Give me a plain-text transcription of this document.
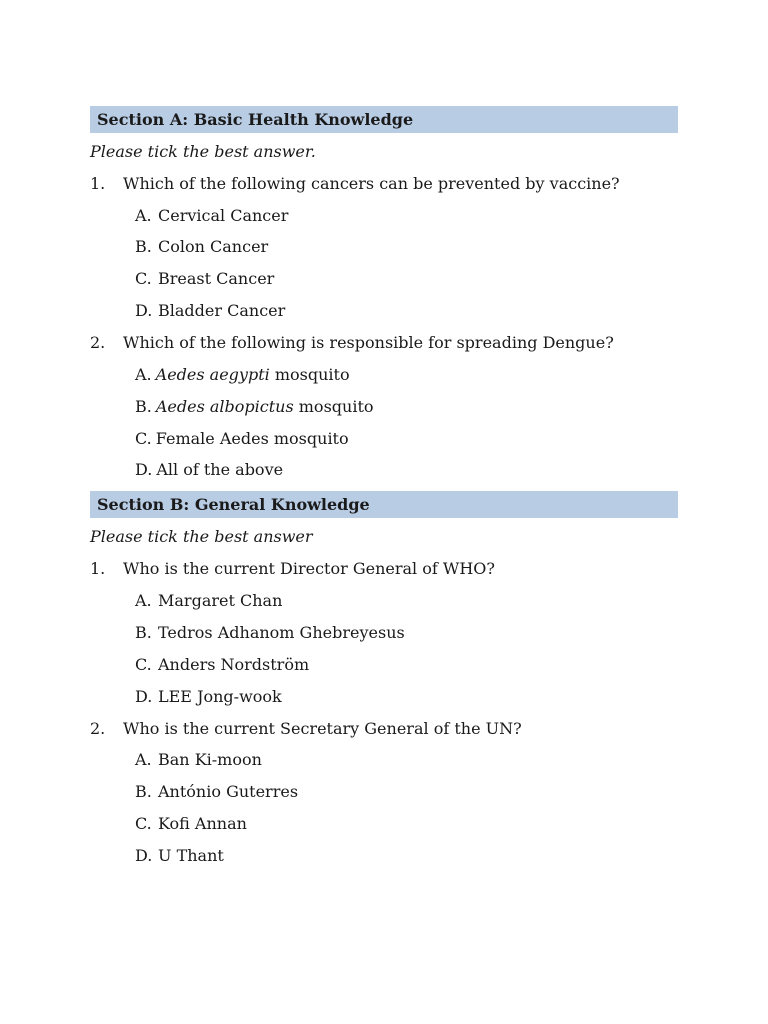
Section A: Basic Health Knowledge
Please tick the best answer.
1. Which of the following cancers can be prevented by vaccine?
A. Cervical Cancer
B. Colon Cancer
C. Breast Cancer
D. Bladder Cancer
2. Which of the following is responsible for spreading Dengue?
A. Aedes aegypti mosquito
B. Aedes albopictus mosquito
C. Female Aedes mosquito
D. All of the above
Section B: General Knowledge
Please tick the best answer
1. Who is the current Director General of WHO?
A. Margaret Chan
B. Tedros Adhanom Ghebreyesus
C. Anders Nordström
D. LEE Jong-wook
2. Who is the current Secretary General of the UN?
A. Ban Ki-moon
B. António Guterres
C. Kofi Annan
D. U Thant
